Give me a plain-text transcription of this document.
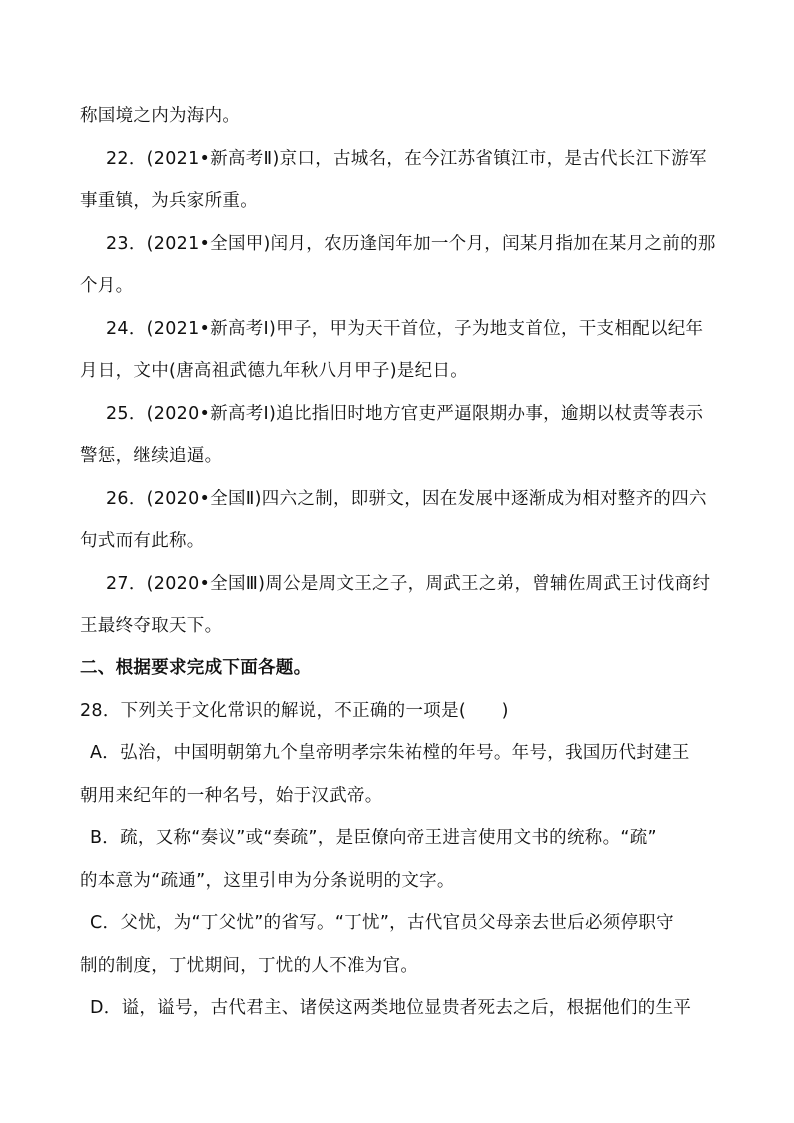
称国境之内为海内。
22．(2021•新高考Ⅱ)京口，古城名，在今江苏省镇江市，是古代长江下游军
事重镇，为兵家所重。
23．(2021•全国甲)闰月，农历逢闰年加一个月，闰某月指加在某月之前的那
个月。
24．(2021•新高考Ⅰ)甲子，甲为天干首位，子为地支首位，干支相配以纪年
月日，文中(唐高祖武德九年秋八月甲子)是纪日。
25．(2020•新高考Ⅰ)追比指旧时地方官吏严逼限期办事，逾期以杖责等表示
警惩，继续追逼。
26．(2020•全国Ⅱ)四六之制，即骈文，因在发展中逐渐成为相对整齐的四六
句式而有此称。
27．(2020•全国Ⅲ)周公是周文王之子，周武王之弟，曾辅佐周武王讨伐商纣
王最终夺取天下。
二、根据要求完成下面各题。
28．下列关于文化常识的解说，不正确的一项是(　　)
A．弘治，中国明朝第九个皇帝明孝宗朱祐樘的年号。年号，我国历代封建王
朝用来纪年的一种名号，始于汉武帝。
B．疏，又称“奏议”或“奏疏”，是臣僚向帝王进言使用文书的统称。“疏”
的本意为“疏通”，这里引申为分条说明的文字。
C．父忧，为“丁父忧”的省写。“丁忧”，古代官员父母亲去世后必须停职守
制的制度，丁忧期间，丁忧的人不准为官。
D．谥，谥号，古代君主、诸侯这两类地位显贵者死去之后，根据他们的生平
